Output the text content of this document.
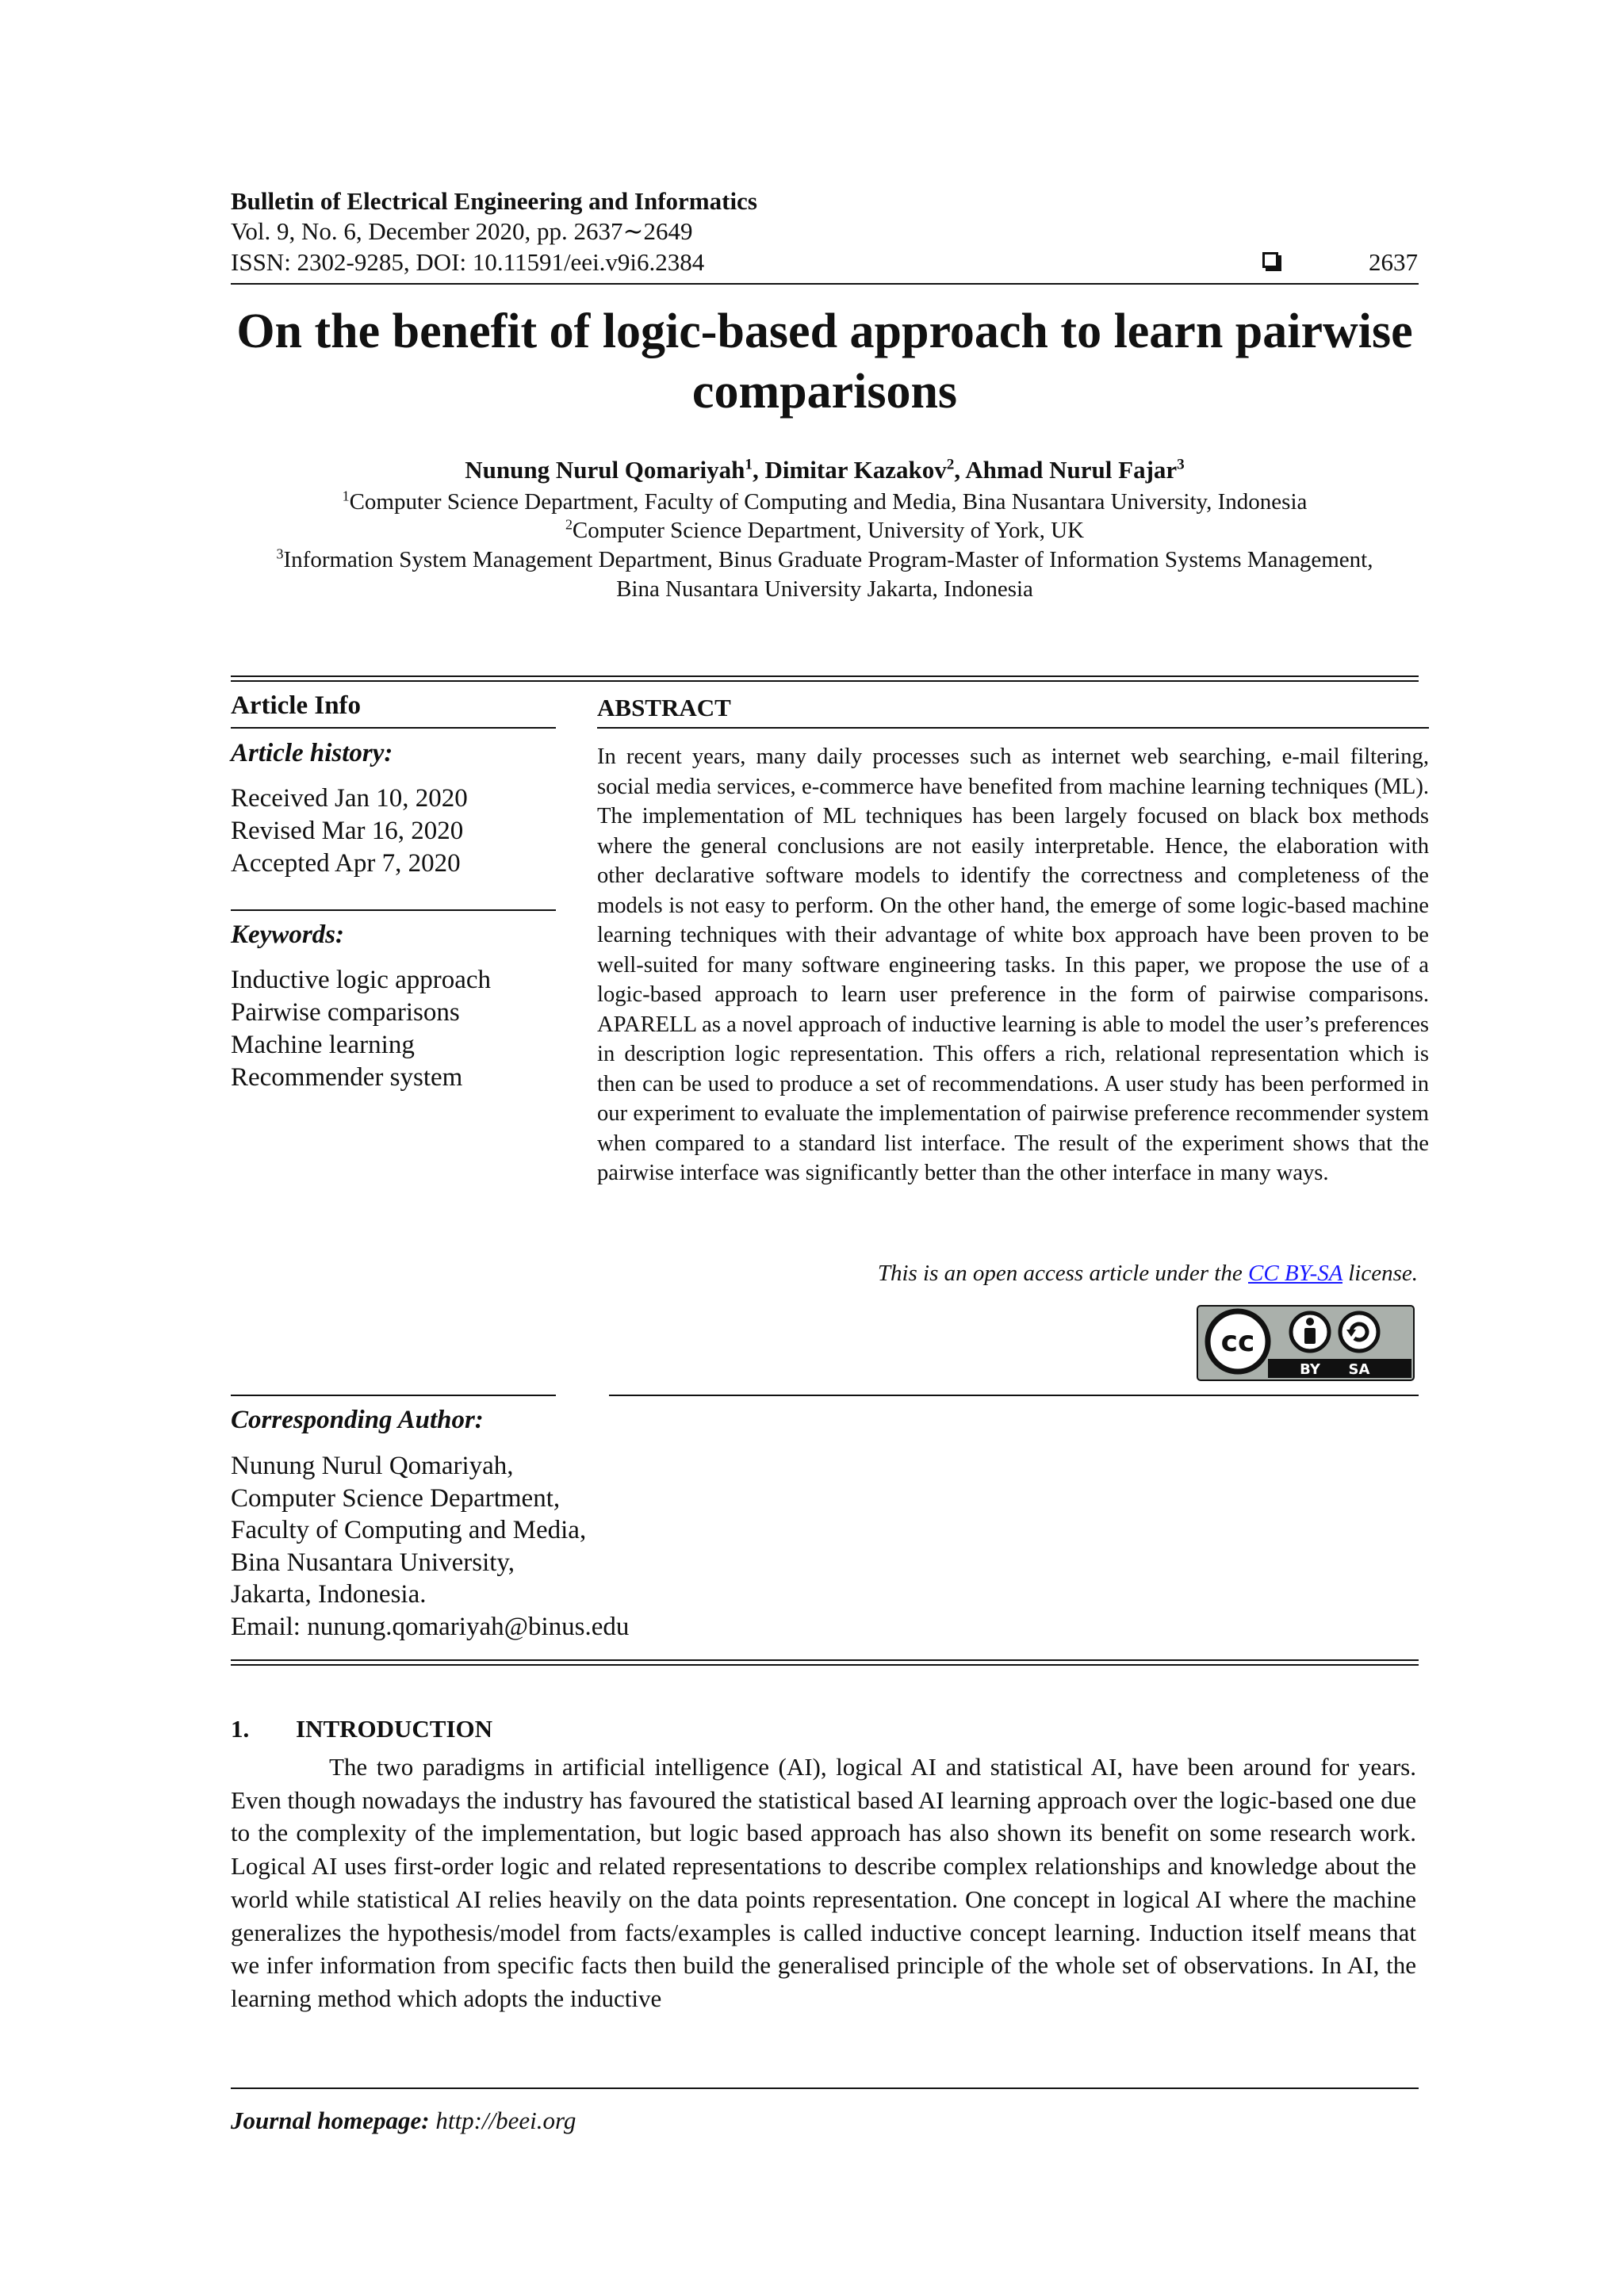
Bulletin of Electrical Engineering and Informatics
Vol. 9, No. 6, December 2020, pp. 2637∼2649
ISSN: 2302-9285, DOI: 10.11591/eei.v9i6.2384	2637
On the benefit of logic-based approach to learn pairwise comparisons
Nunung Nurul Qomariyah$^1$, Dimitar Kazakov$^2$, Ahmad Nurul Fajar$^3$
$^1$Computer Science Department, Faculty of Computing and Media, Bina Nusantara University, Indonesia
$^2$Computer Science Department, University of York, UK
$^3$Information System Management Department, Binus Graduate Program-Master of Information Systems Management,
Bina Nusantara University Jakarta, Indonesia
Article Info
Article history:
Received Jan 10, 2020
Revised Mar 16, 2020
Accepted Apr 7, 2020
Keywords:
Inductive logic approach
Pairwise comparisons
Machine learning
Recommender system
ABSTRACT
In recent years, many daily processes such as internet web searching, e-mail filtering, social media services, e-commerce have benefited from machine learning techniques (ML). The implementation of ML techniques has been largely focused on black box methods where the general conclusions are not easily interpretable. Hence, the elaboration with other declarative software models to identify the correctness and completeness of the models is not easy to perform. On the other hand, the emerge of some logic-based machine learning techniques with their advantage of white box approach have been proven to be well-suited for many software engineering tasks. In this paper, we propose the use of a logic-based approach to learn user preference in the form of pairwise comparisons. APARELL as a novel approach of inductive learning is able to model the user’s preferences in description logic representation. This offers a rich, relational representation which is then can be used to produce a set of recommendations. A user study has been performed in our experiment to evaluate the implementation of pairwise preference recommender system when compared to a standard list interface. The result of the experiment shows that the pairwise interface was significantly better than the other interface in many ways.
This is an open access article under the CC BY-SA license.
cc
BY SA
Corresponding Author:
Nunung Nurul Qomariyah,
Computer Science Department,
Faculty of Computing and Media,
Bina Nusantara University,
Jakarta, Indonesia.
Email: nunung.qomariyah@binus.edu
1. INTRODUCTION
The two paradigms in artificial intelligence (AI), logical AI and statistical AI, have been around for years. Even though nowadays the industry has favoured the statistical based AI learning approach over the logic-based one due to the complexity of the implementation, but logic based approach has also shown its benefit on some research work. Logical AI uses first-order logic and related representations to describe complex relationships and knowledge about the world while statistical AI relies heavily on the data points representation. One concept in logical AI where the machine generalizes the hypothesis/model from facts/examples is called inductive concept learning. Induction itself means that we infer information from specific facts then build the generalised principle of the whole set of observations. In AI, the learning method which adopts the inductive
Journal homepage: http://beei.org
